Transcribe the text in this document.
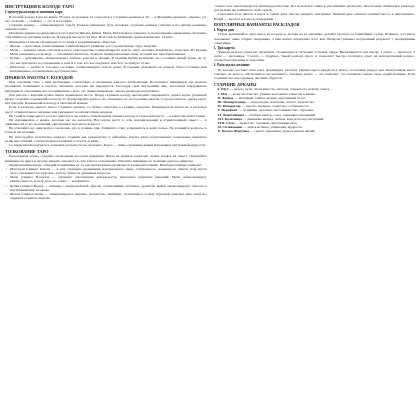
ИНСТРУКЦИЯ К КОЛОДЕ ТАРО
Структура колоды и значения карт

В полной колоде Таро не менее 78 карт, из которых 22 относятся к Старшим арканам и 56 — к Младшим арканам. «Аркан» (от лат. arcanum — «тайна») — это и есть тайна.

Старшие арканы — символизируют судьбу. Каждая описывает путь человека, особенно важные события в его жизни, решения, поиски и опыт.

Младшие арканы подразделяются на 4 масти (Жезлы, Кубки, Мечи, Пентакли) и отвечают за повседневные жизненные ситуации, событийность, бытовые вопросы. В каждой масти по 14 карт. Всего масть Младших арканов включает 14 карт.

Изначально 4 масти обозначали 4 сословия в средневековом обществе:

• Жезлы — крестьяне, ремесленники. Символизируют развитие, рост, вдохновение, труд, энергию.

• Мечи — военное знать, светская власть, аристократия. Символизируют власть, силу, насилие, конфликты, агрессию. В гадании Мечи указывают на вражду — отношения личность, лучшую людей или новые силы, которые вас преобразовывают.

• Кубки — духовенство. Олицетворяют любовь, чувства и эмоции. В гадании Кубки указывают на состояние вашей души, на то, что вы чувствуете по отношению к себе и к тем, кто вас окружает, или чего потребует от вас.

• Пентакли — купцы и торговое сословие. Символизируют власть денег. В гадании указывают на деньги, благосостояние или материальное, потенциально доступное вам.

ПРАВИЛА РАБОТЫ С КОЛОДОЙ

При освоении Таро с ним необходимо сознательно и значением каждого изображения. Постепенно привыкнув, вы начнете расширять понимание и изучать значения, которые им передаются. Исследуя свой внутренний мир, используя внутреннюю интуицию и отношения, вы ассоциировать с карт, что символизировано, читать раскрады интуитивно.

Для работы с картами нужно иметь правильное место. Перед гаданием колоду необходимо перемешать: держа карты рубашкой вверх, спокойно перемешайте колоду и сформулируйте вопрос, не отвлекаясь на посторонние мысли. Сосредоточьтесь, держа карту внутри себя. Перемешайте колоду в свободной манере.

Если в раскладе выпало много Старших арканов, то нужно отнестись к гаданию серьезно. Перевернутые карты же в раскладе несут отрицательное значение или указывают на препятствия, неудачи.

Не гадайте чаще одного раза на один и тот же вопрос. Рекомендуем хранить колоду в отдельном месте — в шкатулке или в ткани.

Не спрашивайте о вещах, которые вас не касаются. Все карты несут в себе положительный и отрицательный смысл — в зависимости от их положения, окружения и контекста вопроса.

Не отвечайте на один вопрос несколько раз в течение дня. Запишите ответ и вернитесь к нему позже. Не задавайте вопросы в плохом настроении.

Не используйте результаты каждого гадания как руководство к действию. Карты лишь подсказывают возможные варианты развития событий, а окончательное решение остается за вами.

Со временем вы научитесь толковать расклад более свободно. Карта — лишь отражение вашей интуиции и внутренней мудрости.

ТОЛКОВАНИЕ ТАРО

Раскладывая карты, следуйте нескольким простым правилам. Цвета на арканах помогают лучше понять их смысл. Обращайте внимание на цвета и детали: именно они несут в себе ключ к толкованию. Обратите внимание на позиции, цвета и символы.

Переворачивая карты, обращайте внимание на то, как изображение проявляется в каждой позиции. Наиболее важные символы:

• Пентакли (символ Земли) — в них отражены проявления материального мира, стабильность, надежность. Карты этой масти часто указывают на здоровье, работу, бизнес и денежные вопросы.

• Мечи (символ Воздуха) — отражают умственную деятельность, интеллект, принятие решений. Мечи символизируют решительность и силу духа, но также — конфликты.

• Кубки (символ Воды) — связаны с эмоциональной сферой, отношениями, любовью, дружбой. Кубки символизируют чувства и внутренний мир человека.

• Жезлы (символ Огня) — символизируют энергию, творчество, амбиции, стремление к успеху. Красный отмечает дни, когда вы ощущаете приток энергии.

сложность и характеризуется жизнерадостностью. Его использует лишь в упрощённых раскладах. Чем больше символов в раскладе, тем больше вы понимаете свою судьбу.

Сочетание всех цветов в карте в сумме даёт, как вы увидите, интуицию. Чёрный цвет означает неизвестность и непознанное. Белый — чистота и ясность намерений.

ПОПУЛЯРНЫЕ ВАРИАНТЫ РАСКЛАДОВ
1. Карта дня

Утром вытягивайте одну карту из колоды и, исходя из ее значения, делайте прогноз на ближайшие сутки. Помните, что карта показывает лишь общую тенденцию, а ваш выбор определяет итог дня. Вечером сравните полученный результат с прошедшими событиями.

2. Три карты

Данный расклад помогает прояснить сложившуюся ситуацию в любой сфере. Вытягиваются три карты: 1 карта — прошлое, 2 карта — настоящее, 3 карта — будущее. Такой расклад прост и позволяет быстро получить ответ на интересующий вопрос, рассмотрев причины и следствия.

3. Расклад на желание

Из колоды достают пять карт, формируют расклад. Первая карта кладётся в центр, остальные вокруг неё. Центральная карта отвечает на вопрос «Исполнится ли желание?», боковые карты — что поможет, что помешает, какие силы задействованы. Если большинство карт прямые, желание сбудется.

СТАРШИЕ АРКАНЫ

0. Шут — начало пути, спонтанность, свобода, открытость новому опыту.

I. Маг — воля, мастерство, умение воплощать замыслы в жизнь.

II. Жрица — интуиция, тайное знание, внутренний голос.

III. Императрица — плодородие, изобилие, забота, творчество.

IV. Император — власть, порядок, структура, стабильность.

V. Иерофант — традиции, духовное наставничество, обучение.

VI. Влюблённые — любовь, выбор, союз, гармония отношений.

VII. Колесница — движение вперёд, победа, контроль над ситуацией.

VIII. Сила — мужество, терпение, внутренняя сила.

IX. Отшельник — поиск истины, уединение, мудрость.

X. Колесо Фортуны — судьба, перемены, удача и циклы жизни.
